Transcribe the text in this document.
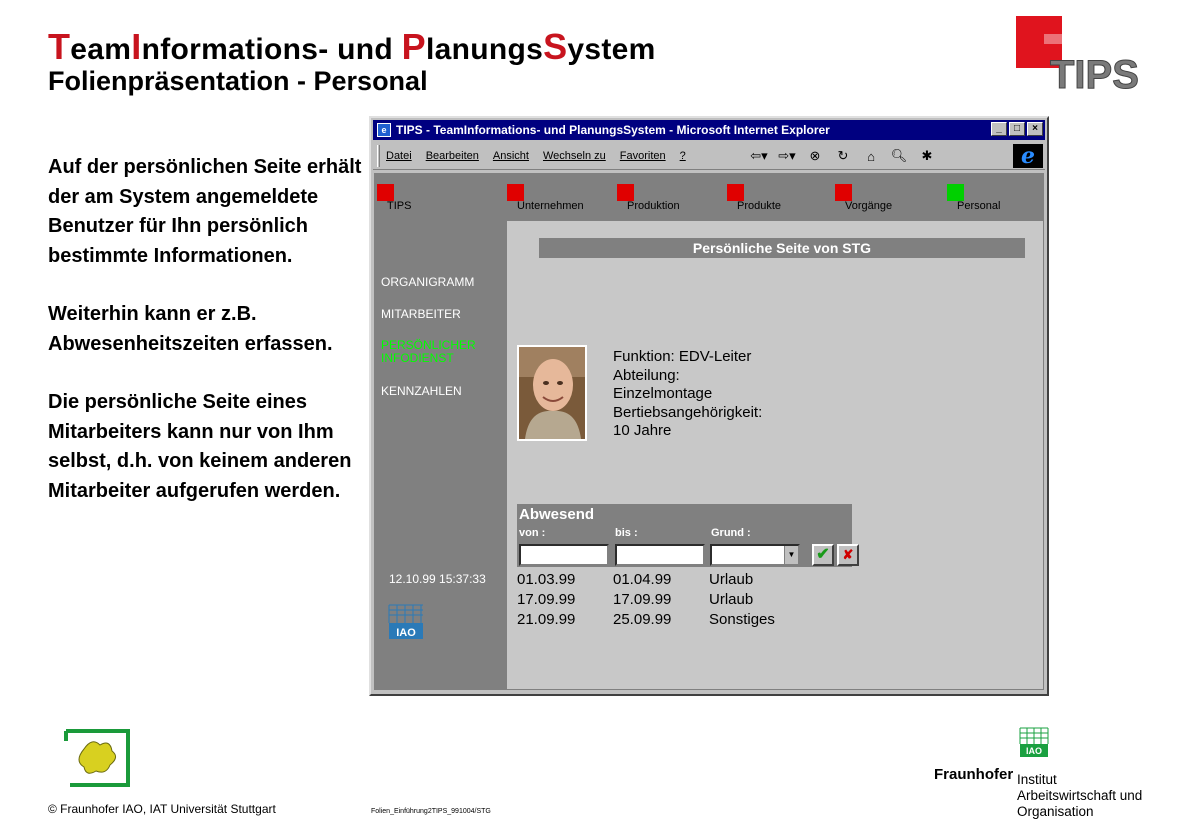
TeamInformations- und PlanungsSystem
Folienpräsentation - Personal	TIPS

Auf der persönlichen Seite erhält der am System angemeldete Benutzer für Ihn persönlich bestimmte Informationen.

Weiterhin kann er z.B. Abwesenheitszeiten erfassen.

Die persönliche Seite eines Mitarbeiters kann nur von Ihm selbst, d.h. von keinem anderen Mitarbeiter aufgerufen werden.

e TIPS - TeamInformations- und PlanungsSystem - Microsoft Internet Explorer	_	□	×
Datei Bearbeiten Ansicht Wechseln zu Favoriten ?	⇦▾ ⇨▾	⊗	↻	⌂	🔍︎	✱	e
ORGANIGRAMM
MITARBEITER
PERSÖNLICHER INFODIENST
KENNZAHLEN
12.10.99 15:37:33
IAO
TIPS	Unternehmen	Produktion	Produkte	Vorgänge	Personal
Persönliche Seite von STG
Funktion: EDV-Leiter
Abteilung:
Einzelmontage
Bertiebsangehörigkeit:
10 Jahre
Abwesend
von :	bis :	Grund :
▼ ✔ ✘
01.03.99	01.04.99	Urlaub
17.09.99	17.09.99	Urlaub
21.09.99	25.09.99	Sonstiges
© Fraunhofer IAO, IAT Universität Stuttgart	Folien_Einführung2TIPS_991004/STG
IAO
Fraunhofer Institut
Arbeitswirtschaft und
Organisation
